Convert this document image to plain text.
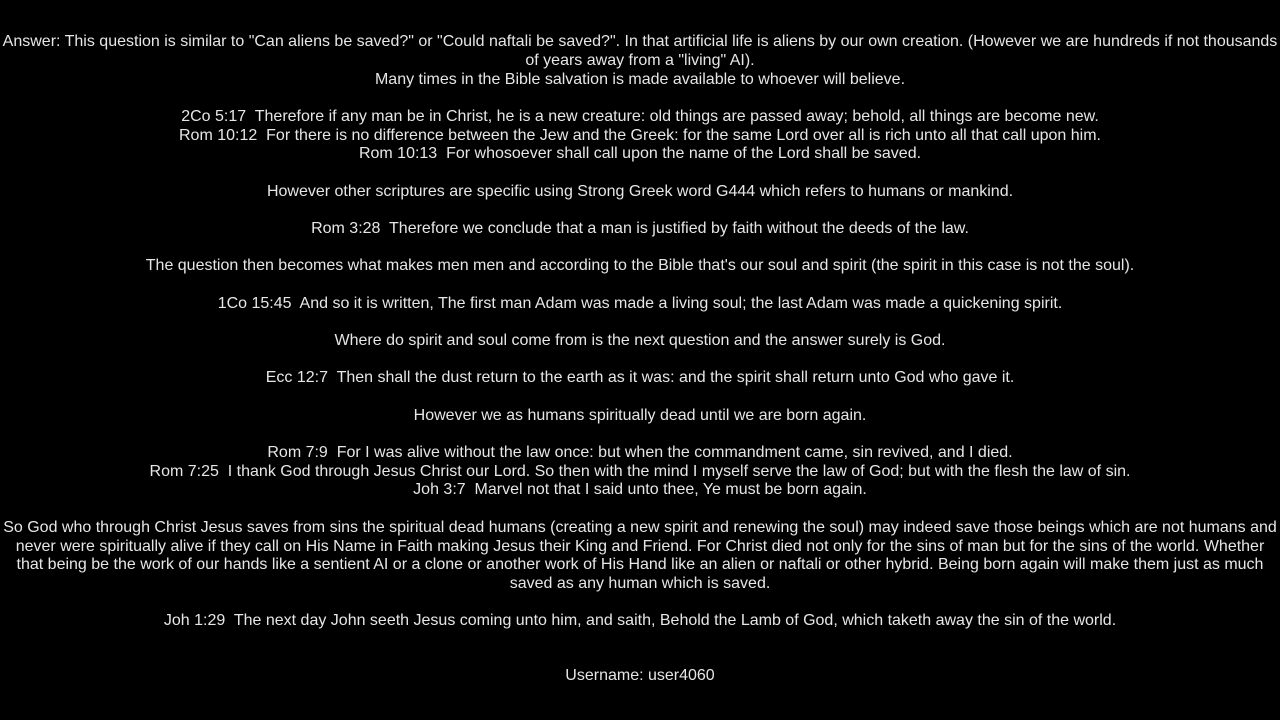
Answer: This question is similar to "Can aliens be saved?" or "Could naftali be saved?". In that artificial life is aliens by our own creation. (However we are hundreds if not thousands of years away from a "living" AI).
Many times in the Bible salvation is made available to whoever will believe.
2Co 5:17  Therefore if any man be in Christ, he is a new creature: old things are passed away; behold, all things are become new.
Rom 10:12  For there is no difference between the Jew and the Greek: for the same Lord over all is rich unto all that call upon him.
Rom 10:13  For whosoever shall call upon the name of the Lord shall be saved.
However other scriptures are specific using Strong Greek word G444 which refers to humans or mankind.
Rom 3:28  Therefore we conclude that a man is justified by faith without the deeds of the law.
The question then becomes what makes men men and according to the Bible that's our soul and spirit (the spirit in this case is not the soul).
1Co 15:45  And so it is written, The first man Adam was made a living soul; the last Adam was made a quickening spirit.
Where do spirit and soul come from is the next question and the answer surely is God.
Ecc 12:7  Then shall the dust return to the earth as it was: and the spirit shall return unto God who gave it.
However we as humans spiritually dead until we are born again.
Rom 7:9  For I was alive without the law once: but when the commandment came, sin revived, and I died.
Rom 7:25  I thank God through Jesus Christ our Lord. So then with the mind I myself serve the law of God; but with the flesh the law of sin.
Joh 3:7  Marvel not that I said unto thee, Ye must be born again.
So God who through Christ Jesus saves from sins the spiritual dead humans (creating a new spirit and renewing the soul) may indeed save those beings which are not humans and never were spiritually alive if they call on His Name in Faith making Jesus their King and Friend. For Christ died not only for the sins of man but for the sins of the world. Whether that being be the work of our hands like a sentient AI or a clone or another work of His Hand like an alien or naftali or other hybrid. Being born again will make them just as much saved as any human which is saved.
Joh 1:29  The next day John seeth Jesus coming unto him, and saith, Behold the Lamb of God, which taketh away the sin of the world.
Username: user4060
